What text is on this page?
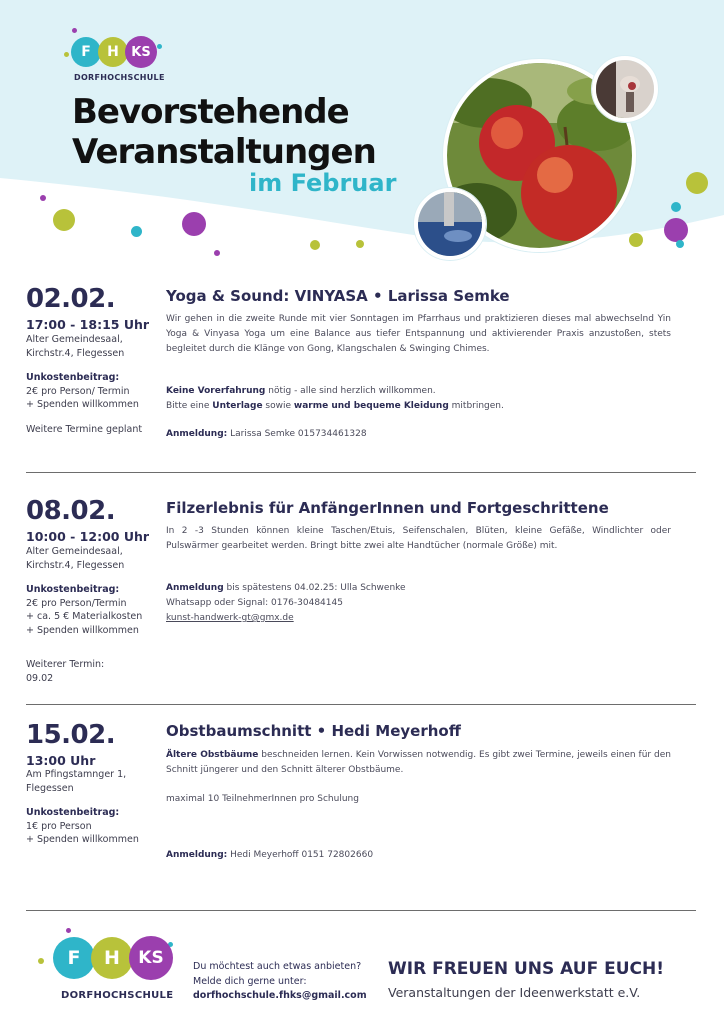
F	H KS
DORFHOCHSCHULE
Bevorstehende
Veranstaltungen
im Februar
02.02.
17:00 - 18:15 Uhr
Alter Gemeindesaal,
Kirchstr.4, Flegessen
Unkostenbeitrag:
2€ pro Person/ Termin
+ Spenden willkommen
Weitere Termine geplant
Yoga & Sound: VINYASA • Larissa Semke
Wir gehen in die zweite Runde mit vier Sonntagen im Pfarrhaus und praktizieren dieses mal abwechselnd Yin Yoga & Vinyasa Yoga um eine Balance aus tiefer Entspannung und aktivierender Praxis anzustoßen, stets begleitet durch die Klänge von Gong, Klangschalen & Swinging Chimes.
Keine Vorerfahrung nötig - alle sind herzlich willkommen.
Bitte eine Unterlage sowie warme und bequeme Kleidung mitbringen.
Anmeldung: Larissa Semke 015734461328
08.02.
10:00 - 12:00 Uhr
Alter Gemeindesaal,
Kirchstr.4, Flegessen
Unkostenbeitrag:
2€ pro Person/Termin
+ ca. 5 € Materialkosten
+ Spenden willkommen
Weiterer Termin:
09.02
Filzerlebnis für AnfängerInnen und Fortgeschrittene
In 2 -3 Stunden können kleine Taschen/Etuis, Seifenschalen, Blüten, kleine Gefäße, Windlichter oder Pulswärmer gearbeitet werden. Bringt bitte zwei alte Handtücher (normale Größe) mit.
Anmeldung bis spätestens 04.02.25: Ulla Schwenke
Whatsapp oder Signal: 0176-30484145
kunst-handwerk-gt@gmx.de
15.02.
13:00 Uhr
Am Pfingstamnger 1,
Flegessen
Unkostenbeitrag:
1€ pro Person
+ Spenden willkommen
Obstbaumschnitt • Hedi Meyerhoff
Ältere Obstbäume beschneiden lernen. Kein Vorwissen notwendig. Es gibt zwei Termine, jeweils einen für den Schnitt jüngerer und den Schnitt älterer Obstbäume.
maximal 10 TeilnehmerInnen pro Schulung
Anmeldung: Hedi Meyerhoff 0151 72802660
F	H	KS
DORFHOCHSCHULE
Du möchtest auch etwas anbieten?
Melde dich gerne unter:
dorfhochschule.fhks@gmail.com
WIR FREUEN UNS AUF EUCH!
Veranstaltungen der Ideenwerkstatt e.V.
